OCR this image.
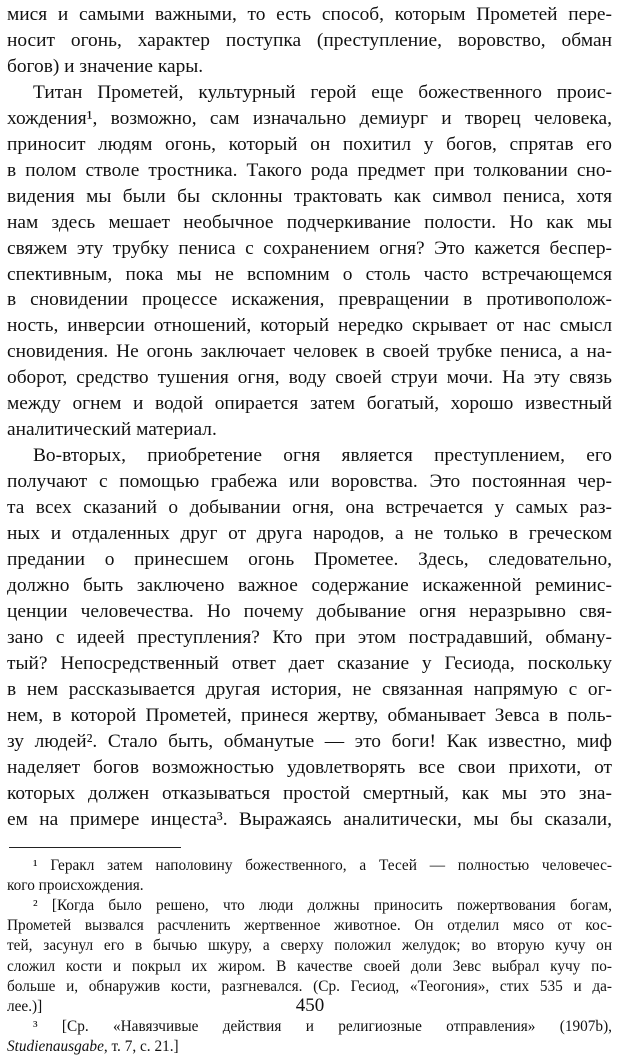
мися и самыми важными, то есть способ, которым Прометей пере-
носит огонь, характер поступка (преступление, воровство, обман
богов) и значение кары.
Титан Прометей, культурный герой еще божественного проис-
хождения¹, возможно, сам изначально демиург и творец человека,
приносит людям огонь, который он похитил у богов, спрятав его
в полом стволе тростника. Такого рода предмет при толковании сно-
видения мы были бы склонны трактовать как символ пениса, хотя
нам здесь мешает необычное подчеркивание полости. Но как мы
свяжем эту трубку пениса с сохранением огня? Это кажется беспер-
спективным, пока мы не вспомним о столь часто встречающемся
в сновидении процессе искажения, превращении в противополож-
ность, инверсии отношений, который нередко скрывает от нас смысл
сновидения. Не огонь заключает человек в своей трубке пениса, а на-
оборот, средство тушения огня, воду своей струи мочи. На эту связь
между огнем и водой опирается затем богатый, хорошо известный
аналитический материал.
Во-вторых, приобретение огня является преступлением, его
получают с помощью грабежа или воровства. Это постоянная чер-
та всех сказаний о добывании огня, она встречается у самых раз-
ных и отдаленных друг от друга народов, а не только в греческом
предании о принесшем огонь Прометее. Здесь, следовательно,
должно быть заключено важное содержание искаженной реминис-
ценции человечества. Но почему добывание огня неразрывно свя-
зано с идеей преступления? Кто при этом пострадавший, обману-
тый? Непосредственный ответ дает сказание у Гесиода, поскольку
в нем рассказывается другая история, не связанная напрямую с ог-
нем, в которой Прометей, принеся жертву, обманывает Зевса в поль-
зу людей². Стало быть, обманутые — это боги! Как известно, миф
наделяет богов возможностью удовлетворять все свои прихоти, от
которых должен отказываться простой смертный, как мы это зна-
ем на примере инцеста³. Выражаясь аналитически, мы бы сказали,
¹ Геракл затем наполовину божественного, а Тесей — полностью человечес-
кого происхождения.
² [Когда было решено, что люди должны приносить пожертвования богам,
Прометей вызвался расчленить жертвенное животное. Он отделил мясо от кос-
тей, засунул его в бычью шкуру, а сверху положил желудок; во вторую кучу он
сложил кости и покрыл их жиром. В качестве своей доли Зевс выбрал кучу по-
больше и, обнаружив кости, разгневался. (Ср. Гесиод, «Теогония», стих 535 и да-
лее.)]
³ [Ср. «Навязчивые действия и религиозные отправления» (1907b),
Studienausgabe, т. 7, с. 21.]
450
